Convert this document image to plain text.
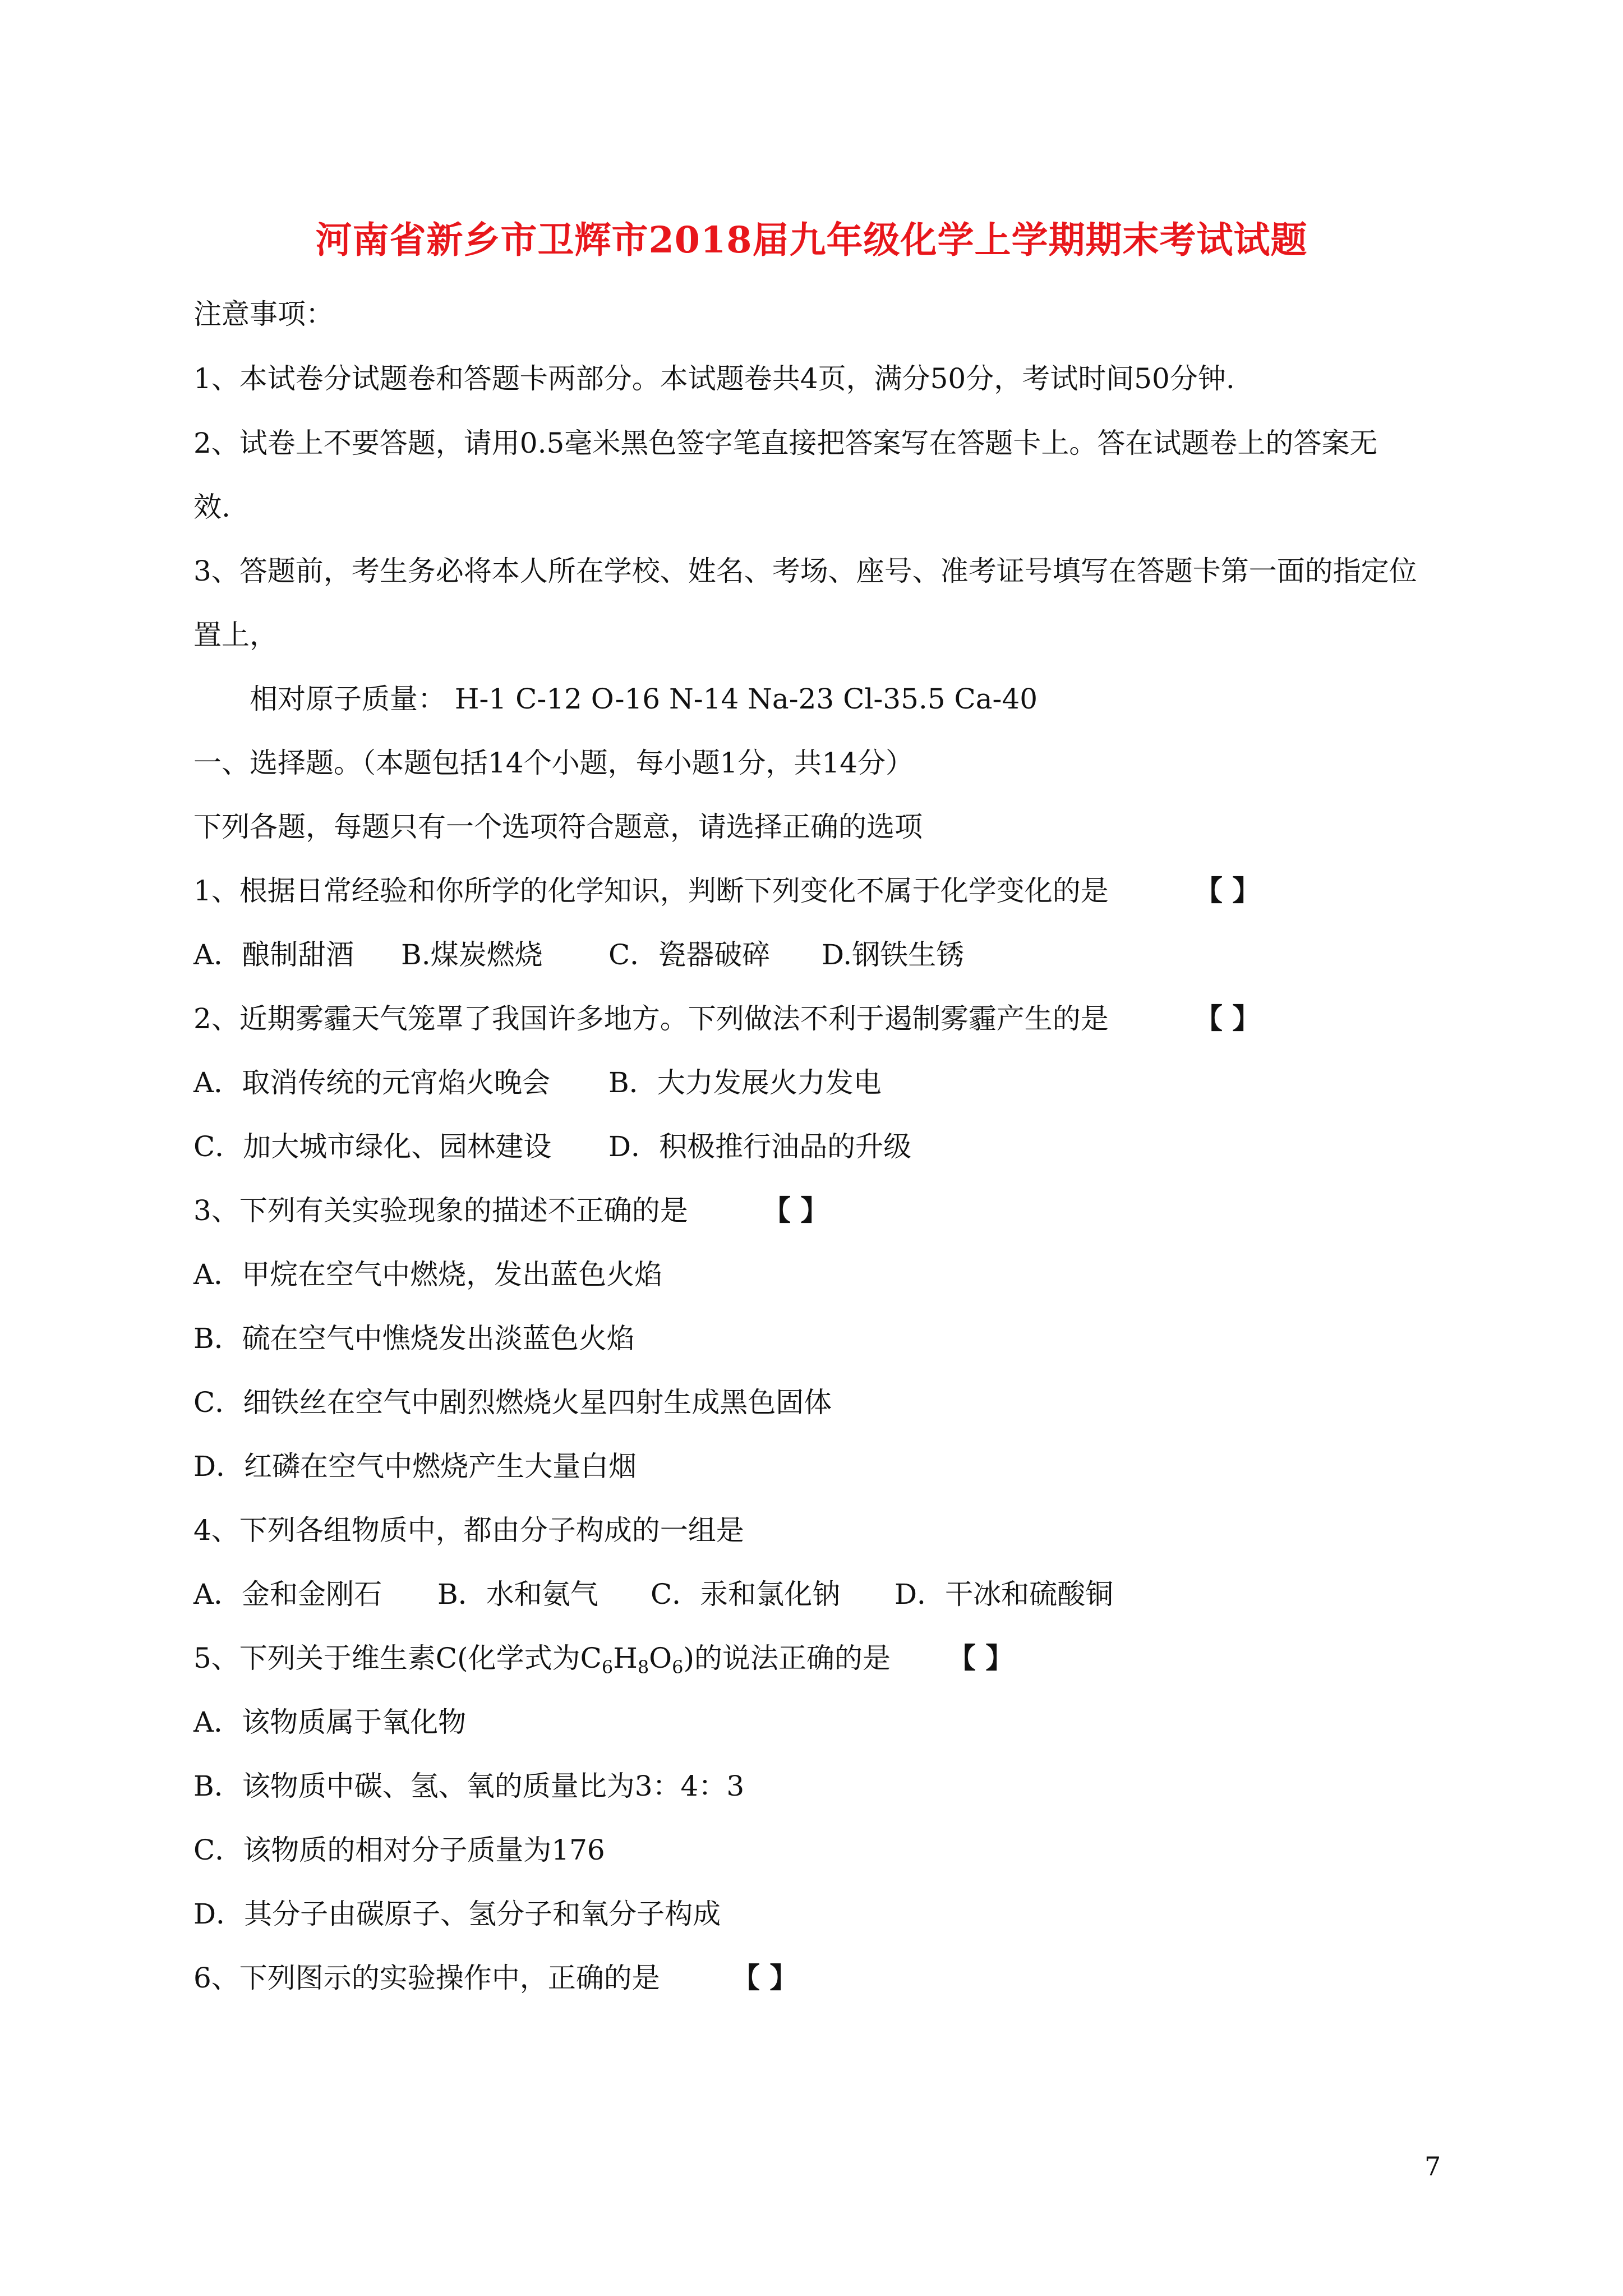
河南省新乡市卫辉市2018届九年级化学上学期期末考试试题
注意事项：
1、本试卷分试题卷和答题卡两部分。本试题卷共4页，满分50分，考试时间50分钟.
2、试卷上不要答题，请用0.5毫米黑色签字笔直接把答案写在答题卡上。答在试题卷上的答案无
效.
3、答题前，考生务必将本人所在学校、姓名、考场、座号、准考证号填写在答题卡第一面的指定位
置上，
相对原子质量： H-1 C-12 O-16 N-14 Na-23 Cl-35.5 Ca-40
一、选择题。（本题包括14个小题，每小题1分，共14分）
下列各题，每题只有一个选项符合题意，请选择正确的选项
1、根据日常经验和你所学的化学知识，判断下列变化不属于化学变化的是	【 】
A．酿制甜酒 B.煤炭燃烧 C．瓷器破碎 D.钢铁生锈
2、近期雾霾天气笼罩了我国许多地方。下列做法不利于遏制雾霾产生的是	【 】
A．取消传统的元宵焰火晚会 B．大力发展火力发电
C．加大城市绿化、园林建设 D．积极推行油品的升级
3、下列有关实验现象的描述不正确的是	【 】
A．甲烷在空气中燃烧，发出蓝色火焰
B．硫在空气中憔烧发出淡蓝色火焰
C．细铁丝在空气中剧烈燃烧火星四射生成黑色固体
D．红磷在空气中燃烧产生大量白烟
4、下列各组物质中，都由分子构成的一组是
A．金和金刚石 B．水和氨气 C．汞和氯化钠 D．干冰和硫酸铜
5、下列关于维生素C(化学式为$C_6H_8O_6$)的说法正确的是 【 】
A．该物质属于氧化物
B．该物质中碳、氢、氧的质量比为3：4：3
C．该物质的相对分子质量为176
D．其分子由碳原子、氢分子和氧分子构成
6、下列图示的实验操作中，正确的是	【 】
7
